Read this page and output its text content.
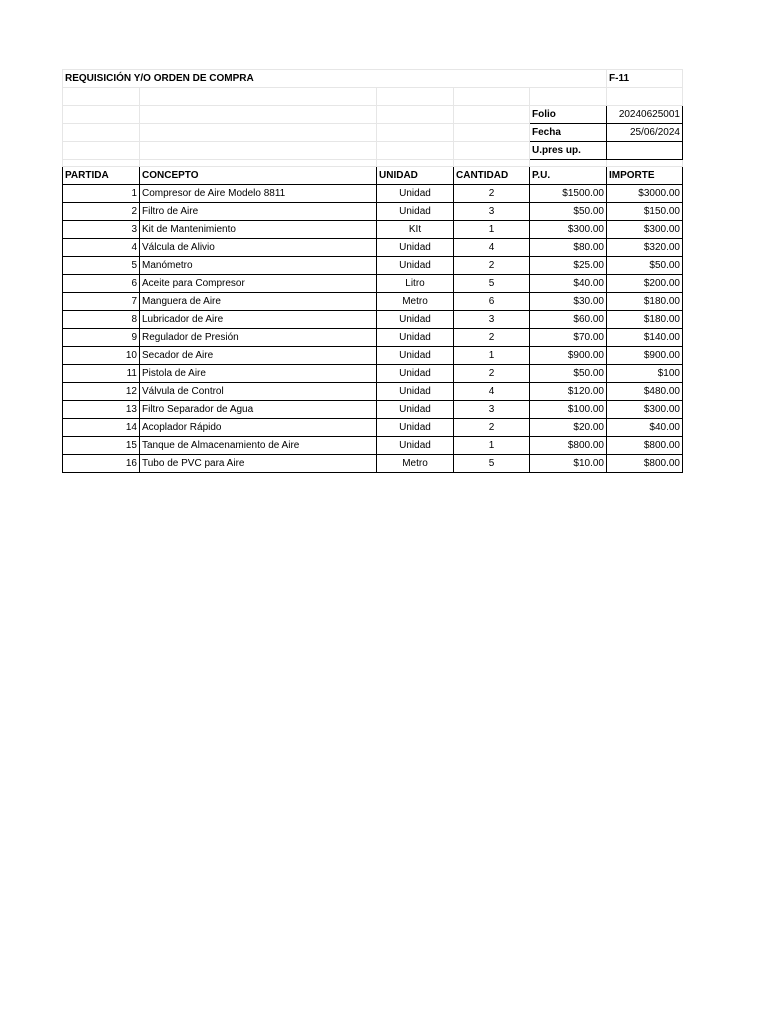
REQUISICIÓN Y/O ORDEN DE COMPRA					F-11

				Folio	20240625001
				Fecha	25/06/2024
				U.pres up.	

PARTIDA	CONCEPTO	UNIDAD	CANTIDAD	P.U.	IMPORTE
1	Compresor de Aire Modelo 8811	Unidad	2	$1500.00	$3000.00
2	Filtro de Aire	Unidad	3	$50.00	$150.00
3	Kit de Mantenimiento	KIt	1	$300.00	$300.00
4	Válcula de Alivio	Unidad	4	$80.00	$320.00
5	Manómetro	Unidad	2	$25.00	$50.00
6	Aceite para Compresor	Litro	5	$40.00	$200.00
7	Manguera de Aire	Metro	6	$30.00	$180.00
8	Lubricador de Aire	Unidad	3	$60.00	$180.00
9	Regulador de Presión	Unidad	2	$70.00	$140.00
10	Secador de Aire	Unidad	1	$900.00	$900.00
11	Pistola de Aire	Unidad	2	$50.00	$100
12	Válvula de Control	Unidad	4	$120.00	$480.00
13	Filtro Separador de Agua	Unidad	3	$100.00	$300.00
14	Acoplador Rápido	Unidad	2	$20.00	$40.00
15	Tanque de Almacenamiento de Aire	Unidad	1	$800.00	$800.00
16	Tubo de PVC para Aire	Metro	5	$10.00	$800.00
